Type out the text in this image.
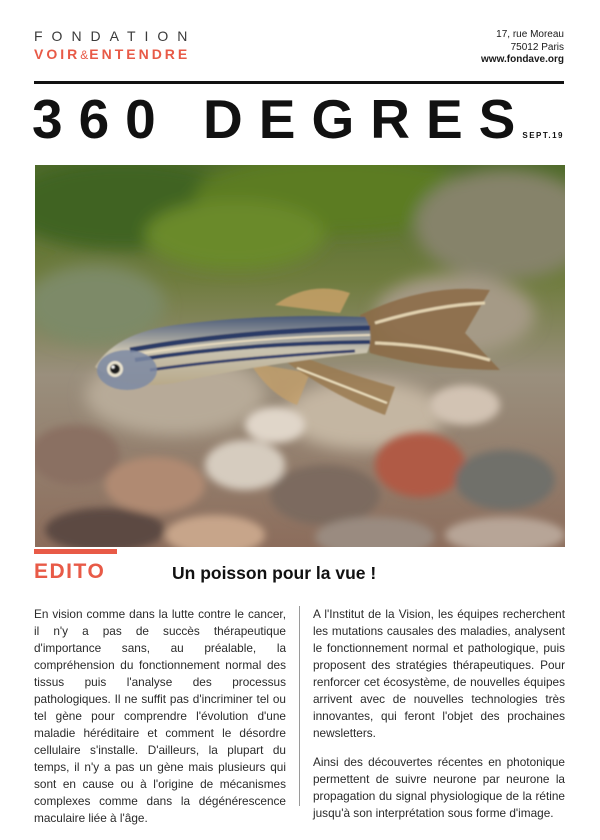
FONDATION
VOIR&ENTENDRE
17, rue Moreau
75012 Paris
www.fondave.org
360 DEGRES
SEPT.19
EDITO	Un poisson pour la vue !

En vision comme dans la lutte contre le cancer, il n'y a pas de succès thérapeutique d'importance sans, au préalable, la compréhension du fonctionnement normal des tissus puis l'analyse des processus pathologiques. Il ne suffit pas d'incriminer tel ou tel gène pour comprendre l'évolution d'une maladie héréditaire et comment le désordre cellulaire s'installe. D'ailleurs, la plupart du temps, il n'y a pas un gène mais plusieurs qui sont en cause ou à l'origine de mécanismes complexes comme dans la dégénérescence maculaire liée à l'âge.

A l'Institut de la Vision, les équipes recherchent les mutations causales des maladies, analysent le fonctionnement normal et pathologique, puis proposent des stratégies thérapeutiques. Pour renforcer cet écosystème, de nouvelles équipes arrivent avec de nouvelles technologies très innovantes, qui feront l'objet des prochaines newsletters.

Ainsi des découvertes récentes en photonique permettent de suivre neurone par neurone la propagation du signal physiologique de la rétine jusqu'à son interprétation sous forme d'image.
